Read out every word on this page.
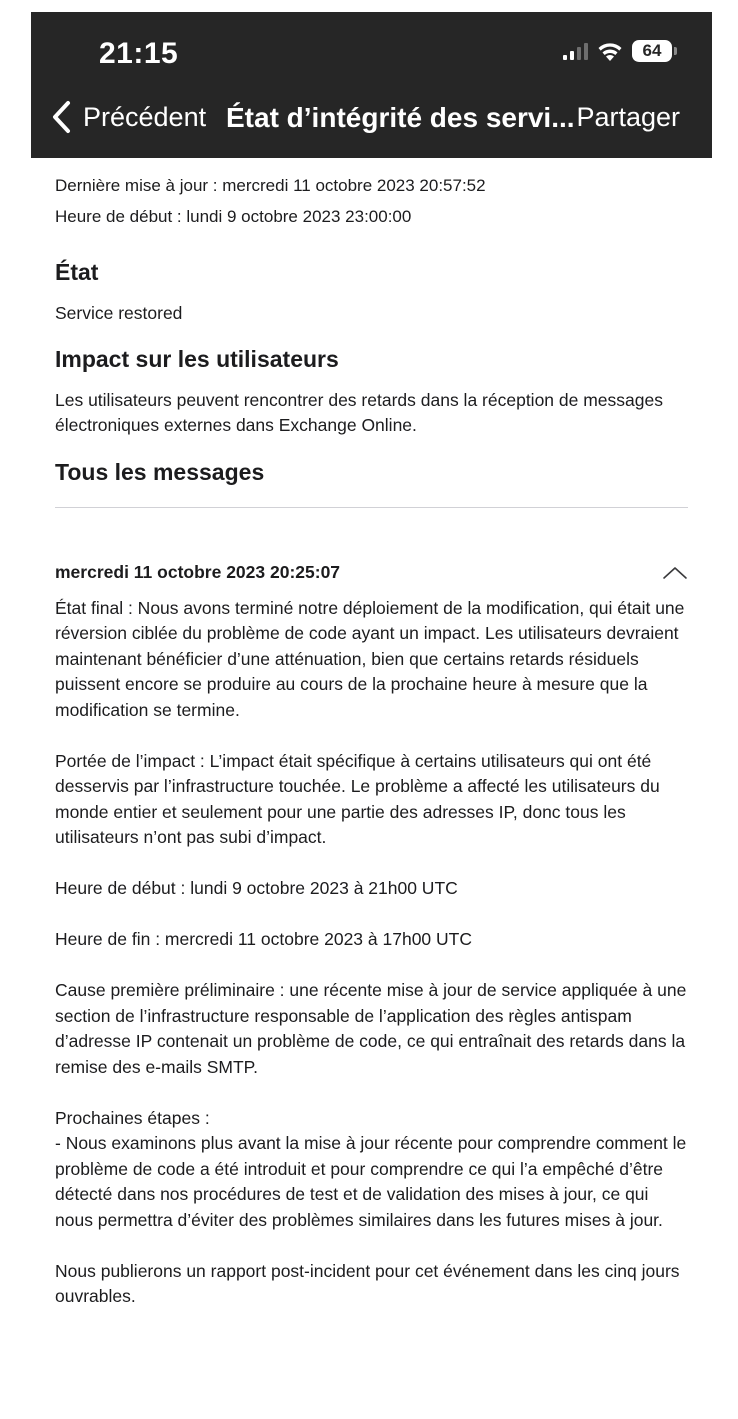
21:15	64
Précédent État d’intégrité des servi... Partager
Dernière mise à jour : mercredi 11 octobre 2023 20:57:52
Heure de début : lundi 9 octobre 2023 23:00:00
État

Service restored

Impact sur les utilisateurs

Les utilisateurs peuvent rencontrer des retards dans la réception de messages électroniques externes dans Exchange Online.

Tous les messages
mercredi 11 octobre 2023 20:25:07

État final : Nous avons terminé notre déploiement de la modification, qui était une réversion ciblée du problème de code ayant un impact. Les utilisateurs devraient maintenant bénéficier d’une atténuation, bien que certains retards résiduels puissent encore se produire au cours de la prochaine heure à mesure que la modification se termine.

Portée de l’impact : L’impact était spécifique à certains utilisateurs qui ont été desservis par l’infrastructure touchée. Le problème a affecté les utilisateurs du monde entier et seulement pour une partie des adresses IP, donc tous les utilisateurs n’ont pas subi d’impact.

Heure de début : lundi 9 octobre 2023 à 21h00 UTC

Heure de fin : mercredi 11 octobre 2023 à 17h00 UTC

Cause première préliminaire : une récente mise à jour de service appliquée à une section de l’infrastructure responsable de l’application des règles antispam d’adresse IP contenait un problème de code, ce qui entraînait des retards dans la remise des e-mails SMTP.

Prochaines étapes :
- Nous examinons plus avant la mise à jour récente pour comprendre comment le problème de code a été introduit et pour comprendre ce qui l’a empêché d’être détecté dans nos procédures de test et de validation des mises à jour, ce qui nous permettra d’éviter des problèmes similaires dans les futures mises à jour.

Nous publierons un rapport post-incident pour cet événement dans les cinq jours ouvrables.
